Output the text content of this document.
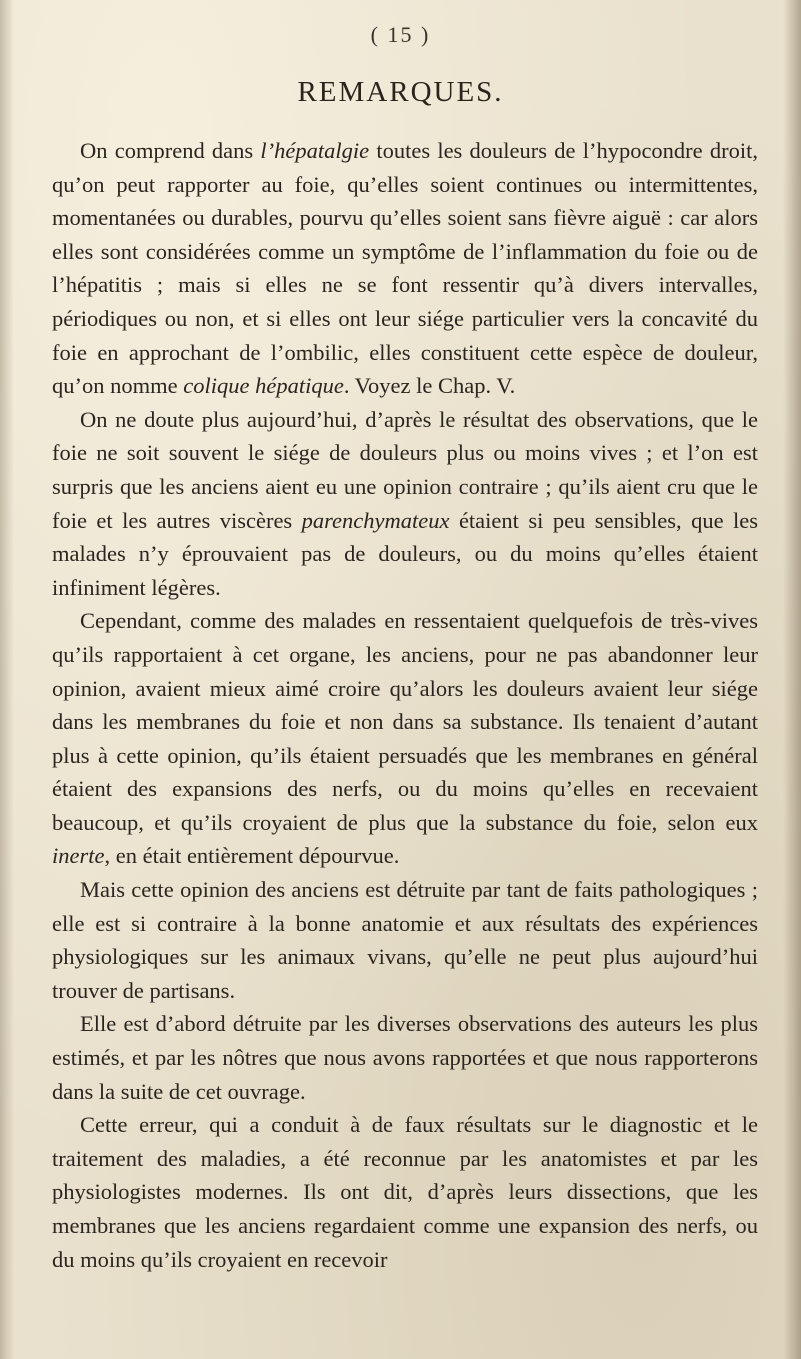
( 15 )
REMARQUES.

On comprend dans l’hépatalgie toutes les douleurs de l’hypocondre droit, qu’on peut rapporter au foie, qu’elles soient continues ou intermittentes, momentanées ou durables, pourvu qu’elles soient sans fièvre aiguë : car alors elles sont considérées comme un symptôme de l’inflammation du foie ou de l’hépatitis ; mais si elles ne se font ressentir qu’à divers intervalles, périodiques ou non, et si elles ont leur siége particulier vers la concavité du foie en approchant de l’ombilic, elles constituent cette espèce de douleur, qu’on nomme colique hépatique. Voyez le Chap. V.

On ne doute plus aujourd’hui, d’après le résultat des observations, que le foie ne soit souvent le siége de douleurs plus ou moins vives ; et l’on est surpris que les anciens aient eu une opinion contraire ; qu’ils aient cru que le foie et les autres viscères parenchymateux étaient si peu sensibles, que les malades n’y éprouvaient pas de douleurs, ou du moins qu’elles étaient infiniment légères.

Cependant, comme des malades en ressentaient quelquefois de très-vives qu’ils rapportaient à cet organe, les anciens, pour ne pas abandonner leur opinion, avaient mieux aimé croire qu’alors les douleurs avaient leur siége dans les membranes du foie et non dans sa substance. Ils tenaient d’autant plus à cette opinion, qu’ils étaient persuadés que les membranes en général étaient des expansions des nerfs, ou du moins qu’elles en recevaient beaucoup, et qu’ils croyaient de plus que la substance du foie, selon eux inerte, en était entièrement dépourvue.

Mais cette opinion des anciens est détruite par tant de faits pathologiques ; elle est si contraire à la bonne anatomie et aux résultats des expériences physiologiques sur les animaux vivans, qu’elle ne peut plus aujourd’hui trouver de partisans.

Elle est d’abord détruite par les diverses observations des auteurs les plus estimés, et par les nôtres que nous avons rapportées et que nous rapporterons dans la suite de cet ouvrage.

Cette erreur, qui a conduit à de faux résultats sur le diagnostic et le traitement des maladies, a été reconnue par les anatomistes et par les physiologistes modernes. Ils ont dit, d’après leurs dissections, que les membranes que les anciens regardaient comme une expansion des nerfs, ou du moins qu’ils croyaient en recevoir
